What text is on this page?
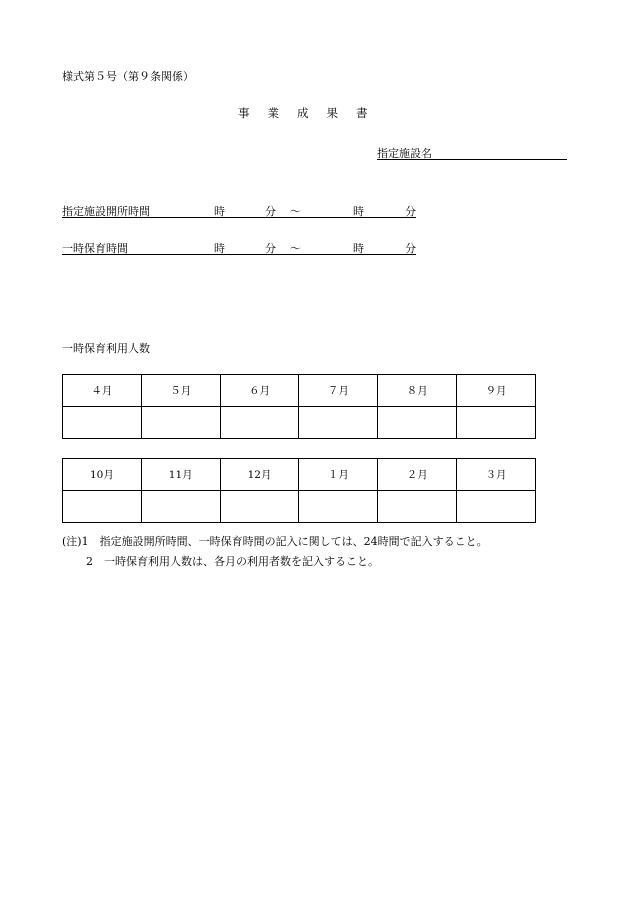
様式第５号（第９条関係）
事業成果書
指定施設名
指定施設開所時間	時	分 〜	時	分
一時保育時間	時	分 〜	時	分
一時保育利用人数
４月	５月	６月	７月	８月	９月

10月	11月	12月	１月	２月	３月

(注)1　指定施設開所時間、一時保育時間の記入に関しては、24時間で記入すること。
2　一時保育利用人数は、各月の利用者数を記入すること。
